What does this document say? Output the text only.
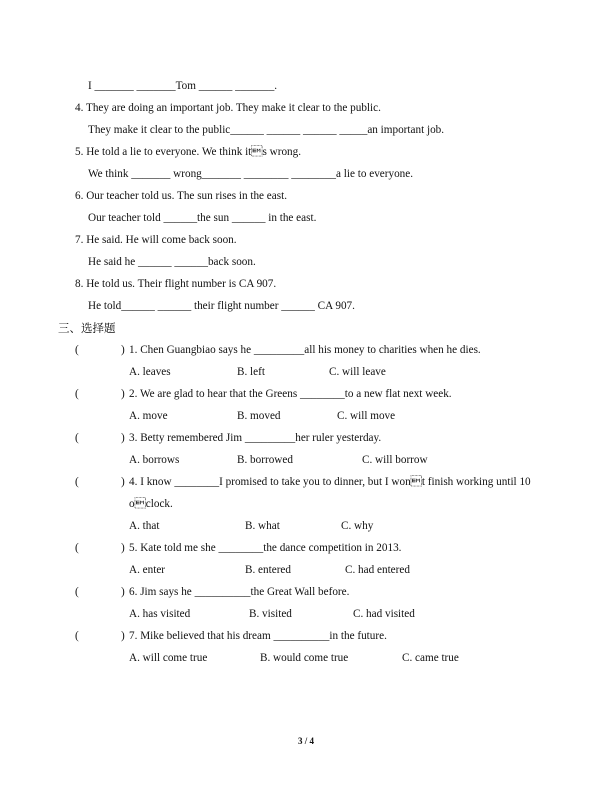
I _______ _______Tom ______ _______.
4. They are doing an important job. They make it clear to the public.
They make it clear to the public______ ______ ______ _____an important job.
5. He told a lie to everyone. We think its wrong.
We think _______ wrong_______ ________ ________a lie to everyone.
6. Our teacher told us. The sun rises in the east.
Our teacher told ______the sun ______ in the east.
7. He said. He will come back soon.
He said he ______ ______back soon.
8. He told us. Their flight number is CA 907.
He told______ ______ their flight number ______ CA 907.
三、选择题
(	) 1. Chen Guangbiao says he _________all his money to charities when he dies.
A. leaves	B. left	C. will leave
(	) 2. We are glad to hear that the Greens ________to a new flat next week.
A. move	B. moved	C. will move
(	) 3. Betty remembered Jim _________her ruler yesterday.
A. borrows	B. borrowed	C. will borrow
(	) 4. I know ________I promised to take you to dinner, but I wont finish working until 10
oclock.
A. that	B. what	C. why
(	) 5. Kate told me she ________the dance competition in 2013.
A. enter	B. entered	C. had entered
(	) 6. Jim says he __________the Great Wall before.
A. has visited	B. visited	C. had visited
(	) 7. Mike believed that his dream __________in the future.
A. will come true	B. would come true	C. came true
3 / 4
